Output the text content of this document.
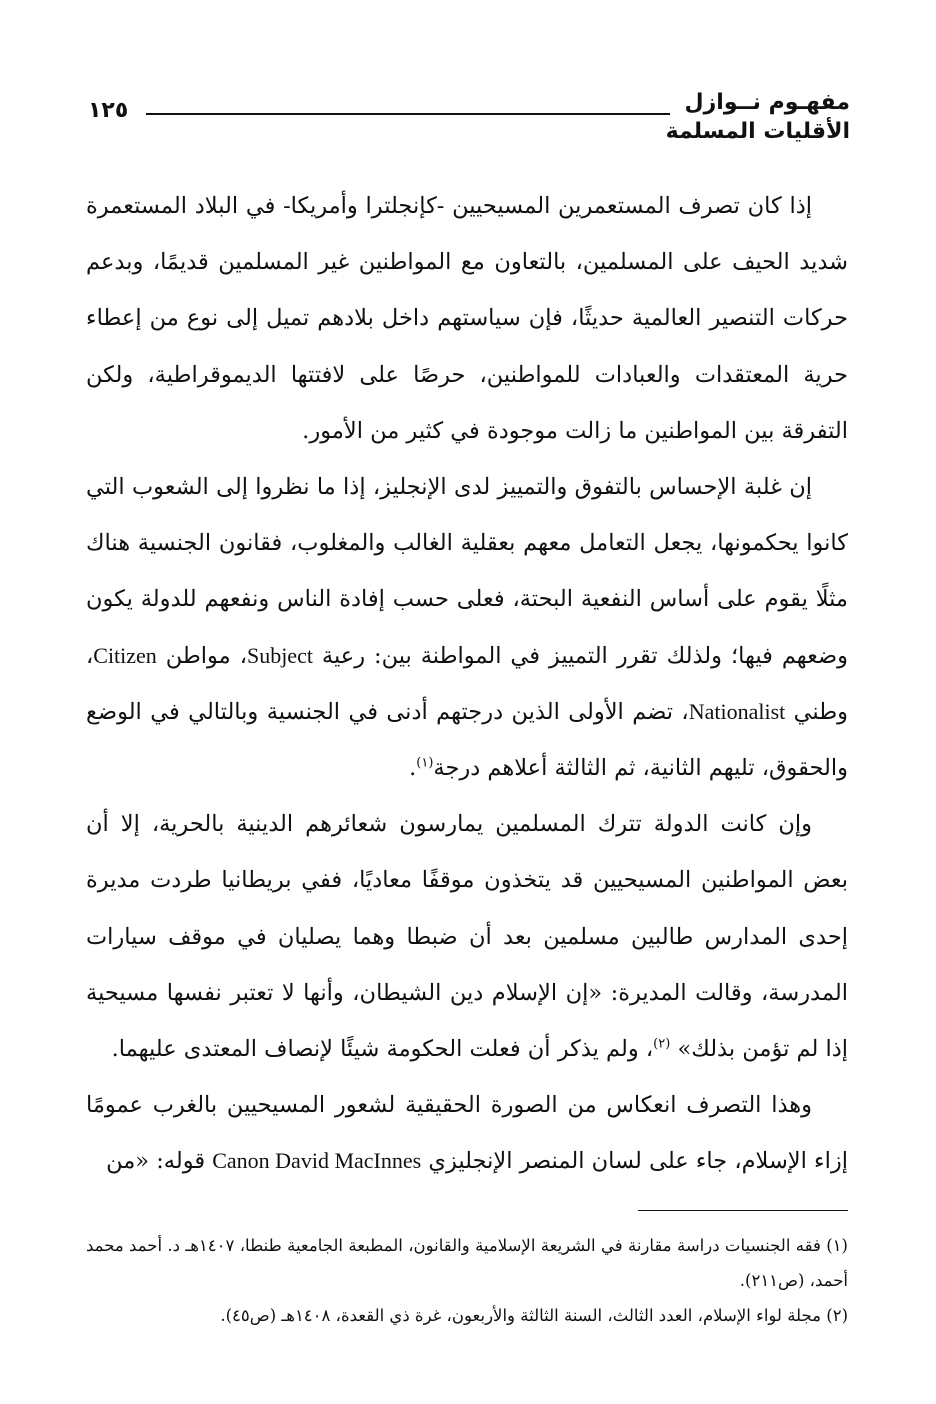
مفهـوم نــوازل
الأقليات المسلمة
١٢٥

إذا كان تصرف المستعمرين المسيحيين -كإنجلترا وأمريكا- في البلاد المستعمرة شديد الحيف على المسلمين، بالتعاون مع المواطنين غير المسلمين قديمًا، وبدعم حركات التنصير العالمية حديثًا، فإن سياستهم داخل بلادهم تميل إلى نوع من إعطاء حرية المعتقدات والعبادات للمواطنين، حرصًا على لافتتها الديموقراطية، ولكن التفرقة بين المواطنين ما زالت موجودة في كثير من الأمور.

إن غلبة الإحساس بالتفوق والتمييز لدى الإنجليز، إذا ما نظروا إلى الشعوب التي كانوا يحكمونها، يجعل التعامل معهم بعقلية الغالب والمغلوب، فقانون الجنسية هناك مثلًا يقوم على أساس النفعية البحتة، فعلى حسب إفادة الناس ونفعهم للدولة يكون وضعهم فيها؛ ولذلك تقرر التمييز في المواطنة بين: رعية Subject، مواطن Citizen، وطني Nationalist، تضم الأولى الذين درجتهم أدنى في الجنسية وبالتالي في الوضع والحقوق، تليهم الثانية، ثم الثالثة أعلاهم درجة$^{(١)}$.

وإن كانت الدولة تترك المسلمين يمارسون شعائرهم الدينية بالحرية، إلا أن بعض المواطنين المسيحيين قد يتخذون موقفًا معاديًا، ففي بريطانيا طردت مديرة إحدى المدارس طالبين مسلمين بعد أن ضبطا وهما يصليان في موقف سيارات المدرسة، وقالت المديرة: «إن الإسلام دين الشيطان، وأنها لا تعتبر نفسها مسيحية إذا لم تؤمن بذلك» $^{(٢)}$، ولم يذكر أن فعلت الحكومة شيئًا لإنصاف المعتدى عليهما.

وهذا التصرف انعكاس من الصورة الحقيقية لشعور المسيحيين بالغرب عمومًا إزاء الإسلام، جاء على لسان المنصر الإنجليزي Canon David MacInnes قوله: «من

(١) فقه الجنسيات دراسة مقارنة في الشريعة الإسلامية والقانون، المطبعة الجامعية طنطا، ١٤٠٧هـ د. أحمد محمد أحمد، (ص٢١١).

(٢) مجلة لواء الإسلام، العدد الثالث، السنة الثالثة والأربعون، غرة ذي القعدة، ١٤٠٨هـ (ص٤٥).
